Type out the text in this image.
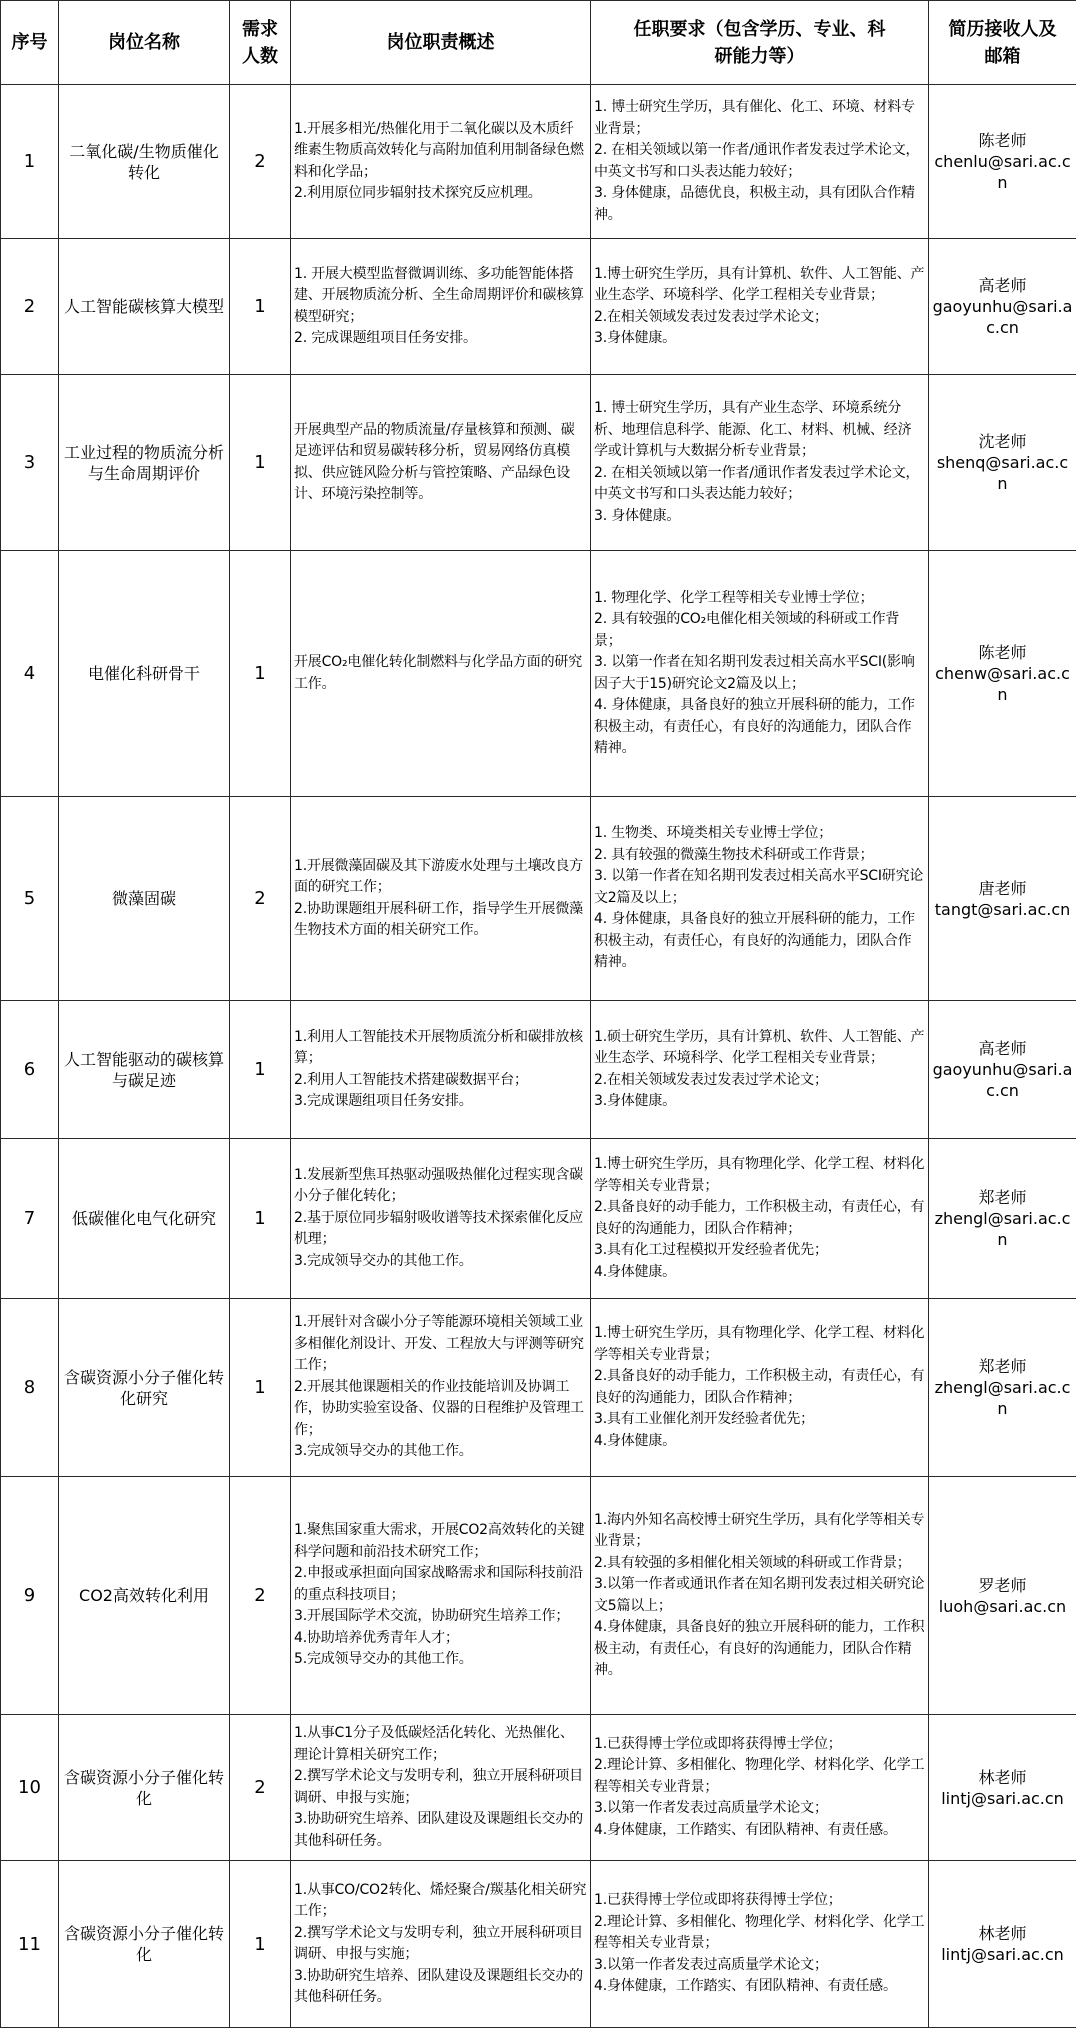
序号	岗位名称	需求人数	岗位职责概述	任职要求（包含学历、专业、科研能力等）	简历接收人及邮箱
1	二氧化碳/生物质催化转化	2	1.开展多相光/热催化用于二氧化碳以及木质纤维素生物质高效转化与高附加值利用制备绿色燃料和化学品；
2.利用原位同步辐射技术探究反应机理。	1. 博士研究生学历，具有催化、化工、环境、材料专业背景；
2. 在相关领域以第一作者/通讯作者发表过学术论文，中英文书写和口头表达能力较好；
3. 身体健康，品德优良，积极主动，具有团队合作精神。	陈老师
chenlu@sari.ac.cn

2	人工智能碳核算大模型	1	1. 开展大模型监督微调训练、多功能智能体搭建、开展物质流分析、全生命周期评价和碳核算模型研究；
2. 完成课题组项目任务安排。	1.博士研究生学历，具有计算机、软件、人工智能、产业生态学、环境科学、化学工程相关专业背景；
2.在相关领域发表过发表过学术论文；
3.身体健康。	高老师
gaoyunhu@sari.ac.cn

3	工业过程的物质流分析与生命周期评价	1	开展典型产品的物质流量/存量核算和预测、碳足迹评估和贸易碳转移分析，贸易网络仿真模拟、供应链风险分析与管控策略、产品绿色设计、环境污染控制等。	1. 博士研究生学历，具有产业生态学、环境系统分析、地理信息科学、能源、化工、材料、机械、经济学或计算机与大数据分析专业背景；
2. 在相关领域以第一作者/通讯作者发表过学术论文，中英文书写和口头表达能力较好；
3. 身体健康。	沈老师
shenq@sari.ac.cn

4	电催化科研骨干	1	开展CO₂电催化转化制燃料与化学品方面的研究工作。	1. 物理化学、化学工程等相关专业博士学位；
2. 具有较强的CO₂电催化相关领域的科研或工作背景；
3. 以第一作者在知名期刊发表过相关高水平SCI(影响因子大于15)研究论文2篇及以上；
4. 身体健康，具备良好的独立开展科研的能力，工作积极主动，有责任心，有良好的沟通能力，团队合作精神。	陈老师
chenw@sari.ac.cn

5	微藻固碳	2	1.开展微藻固碳及其下游废水处理与土壤改良方面的研究工作；
2.协助课题组开展科研工作，指导学生开展微藻生物技术方面的相关研究工作。	1. 生物类、环境类相关专业博士学位；
2. 具有较强的微藻生物技术科研或工作背景；
3. 以第一作者在知名期刊发表过相关高水平SCI研究论文2篇及以上；
4. 身体健康，具备良好的独立开展科研的能力，工作积极主动，有责任心，有良好的沟通能力，团队合作精神。	唐老师
tangt@sari.ac.cn

6	人工智能驱动的碳核算与碳足迹	1	1.利用人工智能技术开展物质流分析和碳排放核算；
2.利用人工智能技术搭建碳数据平台；
3.完成课题组项目任务安排。	1.硕士研究生学历，具有计算机、软件、人工智能、产业生态学、环境科学、化学工程相关专业背景；
2.在相关领域发表过发表过学术论文；
3.身体健康。	高老师
gaoyunhu@sari.ac.cn

7	低碳催化电气化研究	1	1.发展新型焦耳热驱动强吸热催化过程实现含碳小分子催化转化；
2.基于原位同步辐射吸收谱等技术探索催化反应机理；
3.完成领导交办的其他工作。	1.博士研究生学历，具有物理化学、化学工程、材料化学等相关专业背景；
2.具备良好的动手能力，工作积极主动，有责任心，有良好的沟通能力，团队合作精神；
3.具有化工过程模拟开发经验者优先；
4.身体健康。	郑老师
zhengl@sari.ac.cn

8	含碳资源小分子催化转化研究	1	1.开展针对含碳小分子等能源环境相关领域工业多相催化剂设计、开发、工程放大与评测等研究工作；
2.开展其他课题相关的作业技能培训及协调工作，协助实验室设备、仪器的日程维护及管理工作；
3.完成领导交办的其他工作。	1.博士研究生学历，具有物理化学、化学工程、材料化学等相关专业背景；
2.具备良好的动手能力，工作积极主动，有责任心，有良好的沟通能力，团队合作精神；
3.具有工业催化剂开发经验者优先；
4.身体健康。	郑老师
zhengl@sari.ac.cn

9	CO2高效转化利用	2	1.聚焦国家重大需求，开展CO2高效转化的关键科学问题和前沿技术研究工作；
2.申报或承担面向国家战略需求和国际科技前沿的重点科技项目；
3.开展国际学术交流，协助研究生培养工作；
4.协助培养优秀青年人才；
5.完成领导交办的其他工作。	1.海内外知名高校博士研究生学历，具有化学等相关专业背景；
2.具有较强的多相催化相关领域的科研或工作背景；
3.以第一作者或通讯作者在知名期刊发表过相关研究论文5篇以上；
4.身体健康，具备良好的独立开展科研的能力，工作积极主动，有责任心，有良好的沟通能力，团队合作精神。	罗老师
luoh@sari.ac.cn

10	含碳资源小分子催化转化	2	1.从事C1分子及低碳烃活化转化、光热催化、理论计算相关研究工作；
2.撰写学术论文与发明专利，独立开展科研项目调研、申报与实施；
3.协助研究生培养、团队建设及课题组长交办的其他科研任务。	1.已获得博士学位或即将获得博士学位；
2.理论计算、多相催化、物理化学、材料化学、化学工程等相关专业背景；
3.以第一作者发表过高质量学术论文；
4.身体健康，工作踏实、有团队精神、有责任感。	林老师
lintj@sari.ac.cn

11	含碳资源小分子催化转化	1	1.从事CO/CO2转化、烯烃聚合/羰基化相关研究工作；
2.撰写学术论文与发明专利，独立开展科研项目调研、申报与实施；
3.协助研究生培养、团队建设及课题组长交办的其他科研任务。	1.已获得博士学位或即将获得博士学位；
2.理论计算、多相催化、物理化学、材料化学、化学工程等相关专业背景；
3.以第一作者发表过高质量学术论文；
4.身体健康，工作踏实、有团队精神、有责任感。	林老师
lintj@sari.ac.cn
